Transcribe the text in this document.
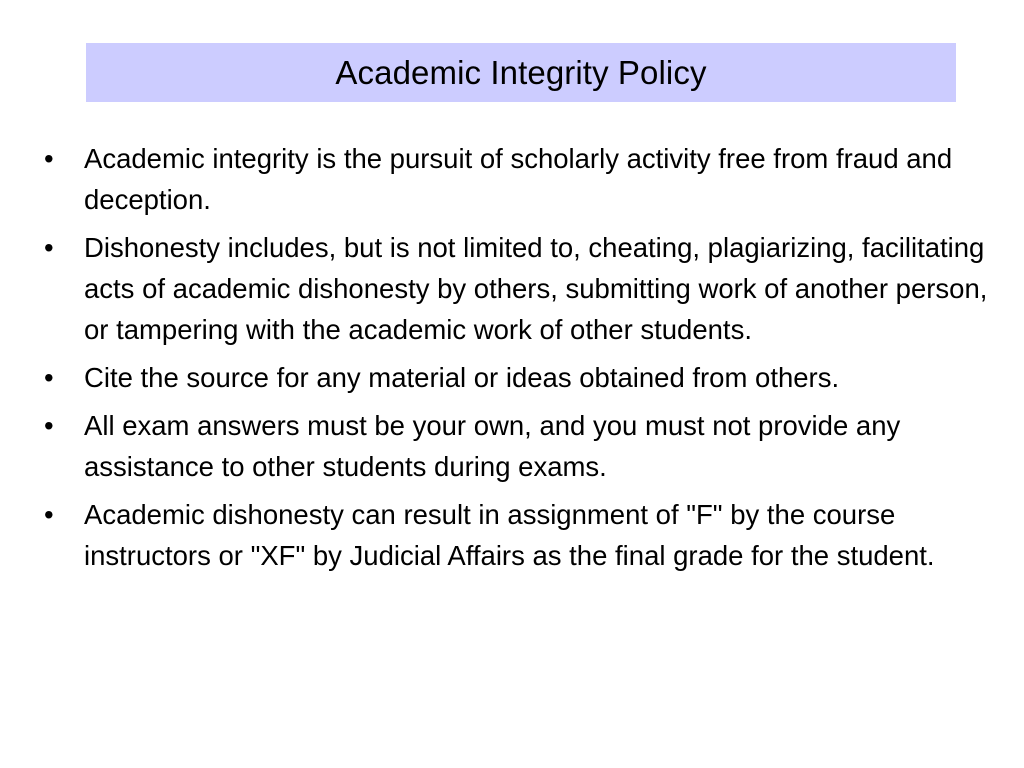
Academic Integrity Policy
•	Academic integrity is the pursuit of scholarly activity free from fraud and deception.
•	Dishonesty includes, but is not limited to, cheating, plagiarizing, facilitating acts of academic dishonesty by others, submitting work of another person, or tampering with the academic work of other students.
•	Cite the source for any material or ideas obtained from others.
•	All exam answers must be your own, and you must not provide any assistance to other students during exams.
•	Academic dishonesty can result in assignment of "F" by the course instructors or "XF" by Judicial Affairs as the final grade for the student.
